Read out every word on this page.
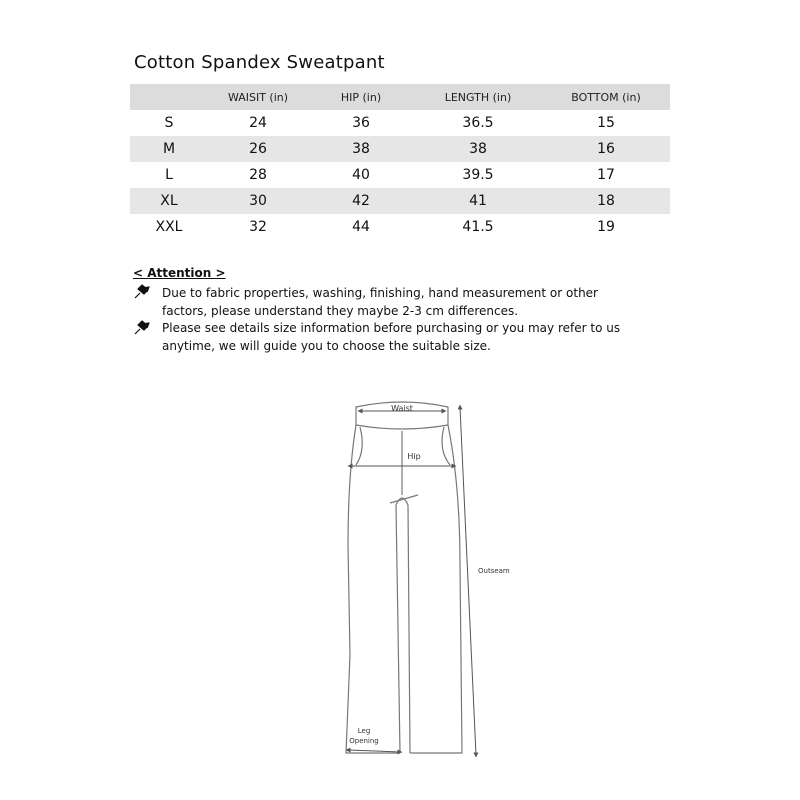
Cotton Spandex Sweatpant
	WAISIT (in)	HIP (in)	LENGTH (in)	BOTTOM (in)
S	24	36	36.5	15
M	26	38	38	16
L	28	40	39.5	17
XL	30	42	41	18
XXL	32	44	41.5	19
< Attention >
Due to fabric properties, washing, finishing, hand measurement or other factors, please understand they maybe 2-3 cm differences.
Please see details size information before purchasing or you may refer to us anytime, we will guide you to choose the suitable size.
Waist
Hip
Outseam
Leg
Opening
